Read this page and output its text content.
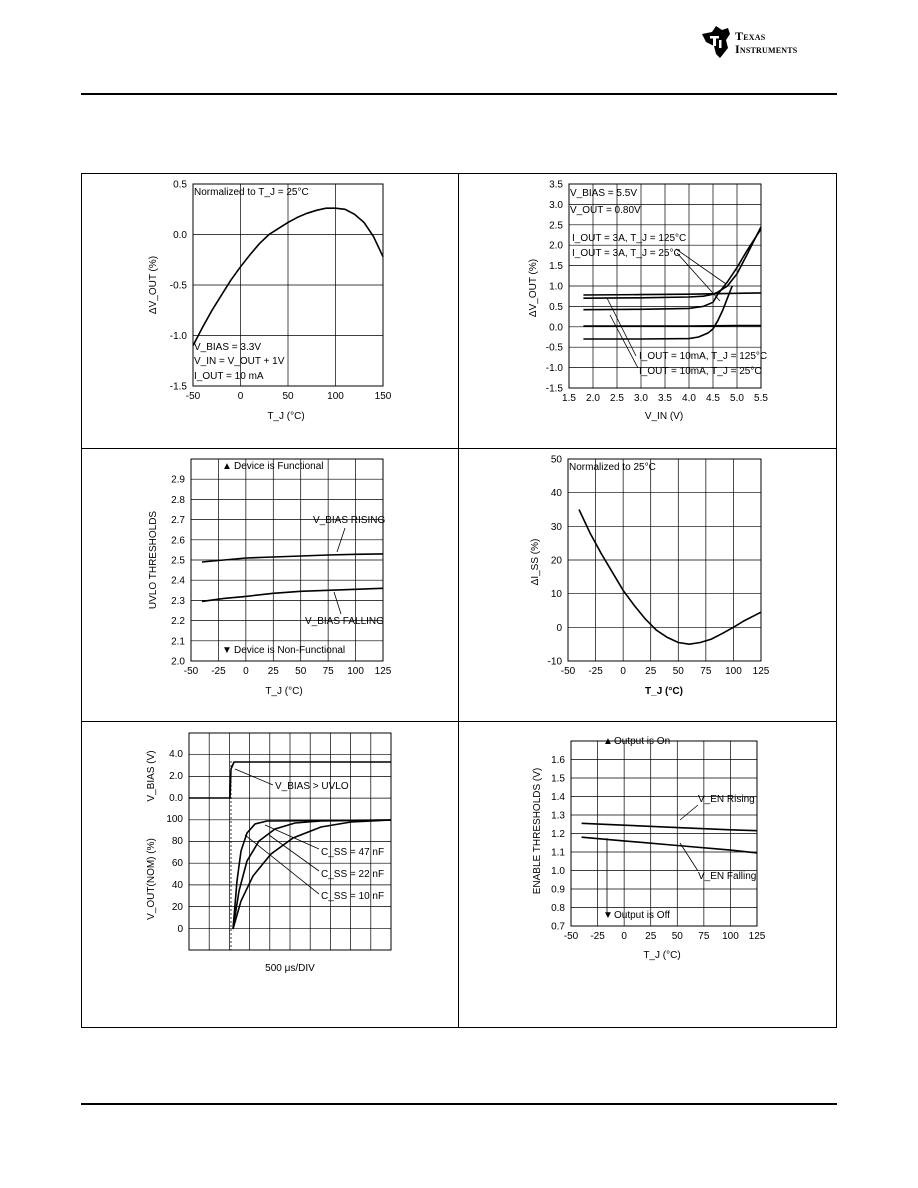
Texas
Instruments
-50	0	50	100	150
0.5
0.0
-0.5
-1.0
-1.5
Normalized to T_J = 25°C
V_BIAS = 3.3V
V_IN = V_OUT + 1V
I_OUT = 10 mA
T_J (°C)
ΔV_OUT (%)
1.5 2.0 2.5 3.0 3.5 4.0 4.5 5.0 5.5
3.5
3.0
2.5
2.0
1.5
1.0
0.5
0.0
-0.5
-1.0
-1.5
V_BIAS = 5.5V
V_OUT = 0.80V
I_OUT = 3A, T_J = 125°C
I_OUT = 3A, T_J = 25°C
I_OUT = 10mA, T_J = 125°C
I_OUT = 10mA, T_J = 25°C
V_IN (V)
ΔV_OUT (%)
-50 -25 0 25 50 75 100 125
2.9
2.8
2.7
2.6
2.5
2.4
2.3
2.2
2.1
2.0
▲ Device is Functional
V_BIAS RISING
V_BIAS FALLING
▼ Device is Non-Functional
T_J (°C)
UVLO THRESHOLDS
-50 -25 0 25 50 75 100 125
50
40
30
20
10
0
-10
Normalized to 25°C
T_J (°C)
ΔI_SS (%)
4.0
2.0
0.0
100
80
60
40
20
0
V_BIAS > UVLO
C_SS = 47 nF
C_SS = 22 nF
C_SS = 10 nF
500 μs/DIV
V_BIAS (V)
V_OUT(NOM) (%)
-50 -25 0 25 50 75 100 125
1.6
1.5
1.4
1.3
1.2
1.1
1.0
0.9
0.8
0.7
▲ Output is On
V_EN Rising
V_EN Falling
▼ Output is Off
T_J (°C)
ENABLE THRESHOLDS (V)
